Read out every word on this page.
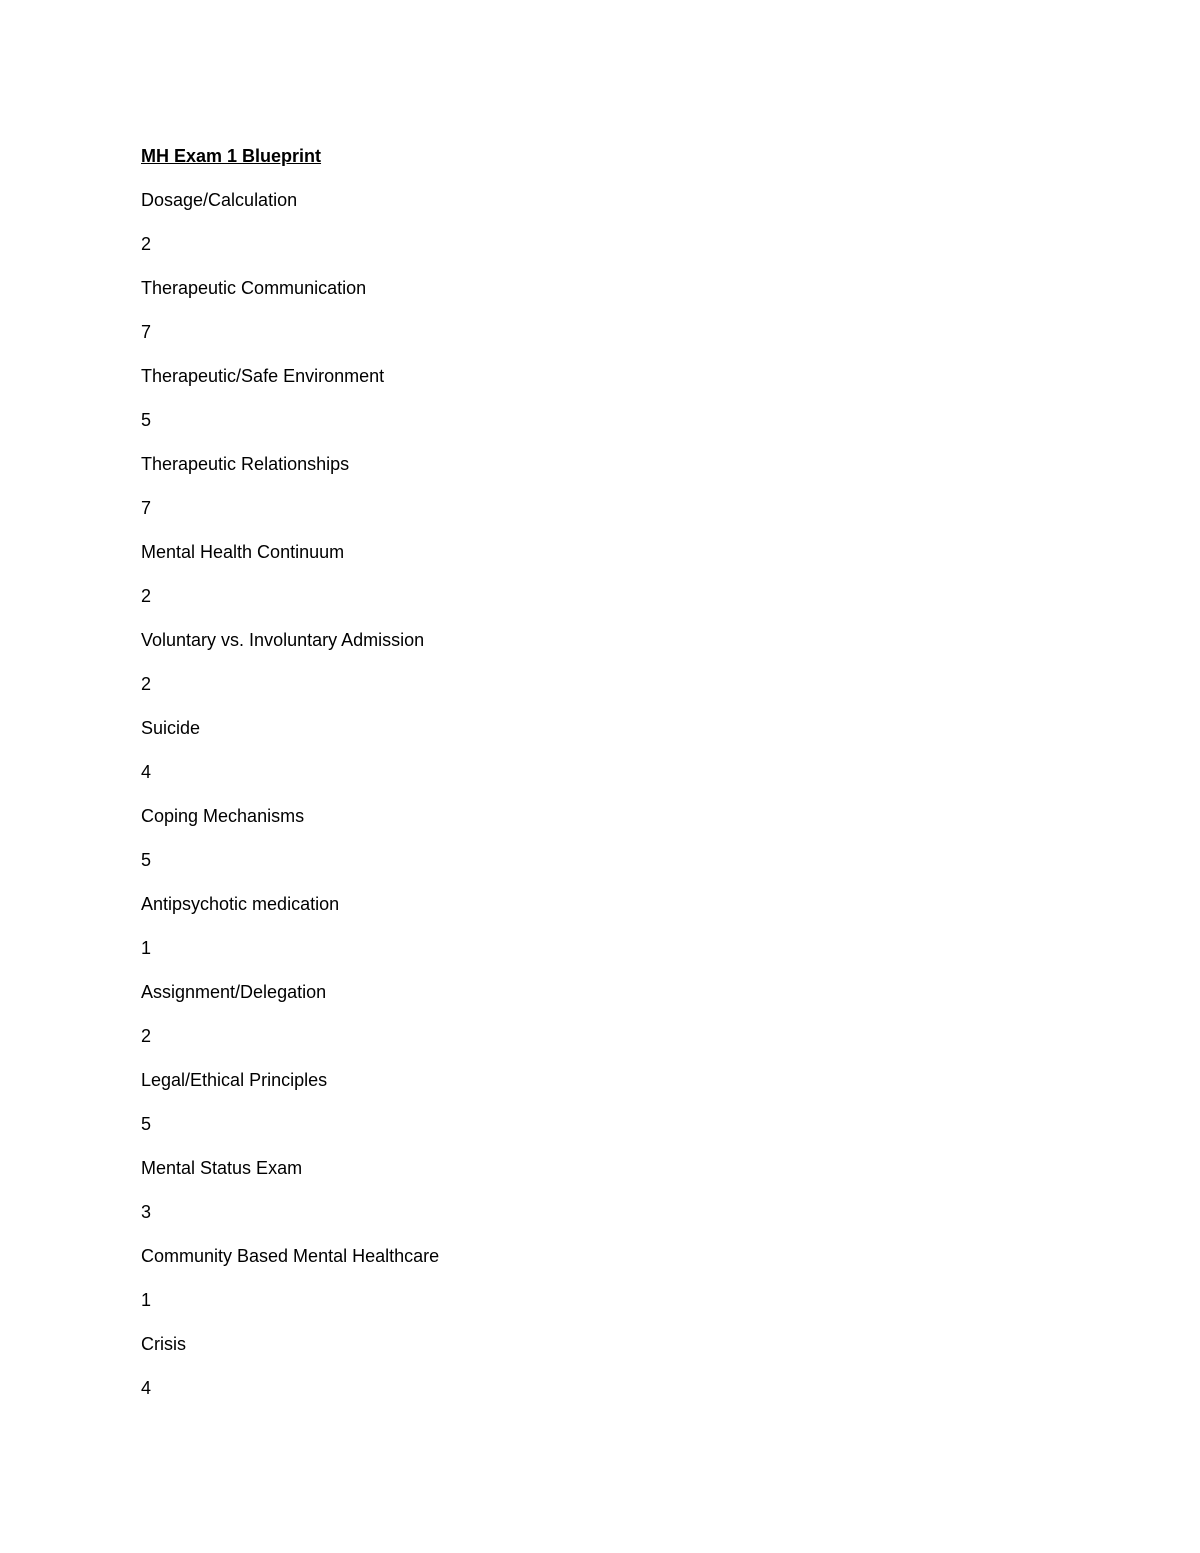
MH Exam 1 Blueprint
Dosage/Calculation
2
Therapeutic Communication
7
Therapeutic/Safe Environment
5
Therapeutic Relationships
7
Mental Health Continuum
2
Voluntary vs. Involuntary Admission
2
Suicide
4
Coping Mechanisms
5
Antipsychotic medication
1
Assignment/Delegation
2
Legal/Ethical Principles
5
Mental Status Exam
3
Community Based Mental Healthcare
1
Crisis
4
